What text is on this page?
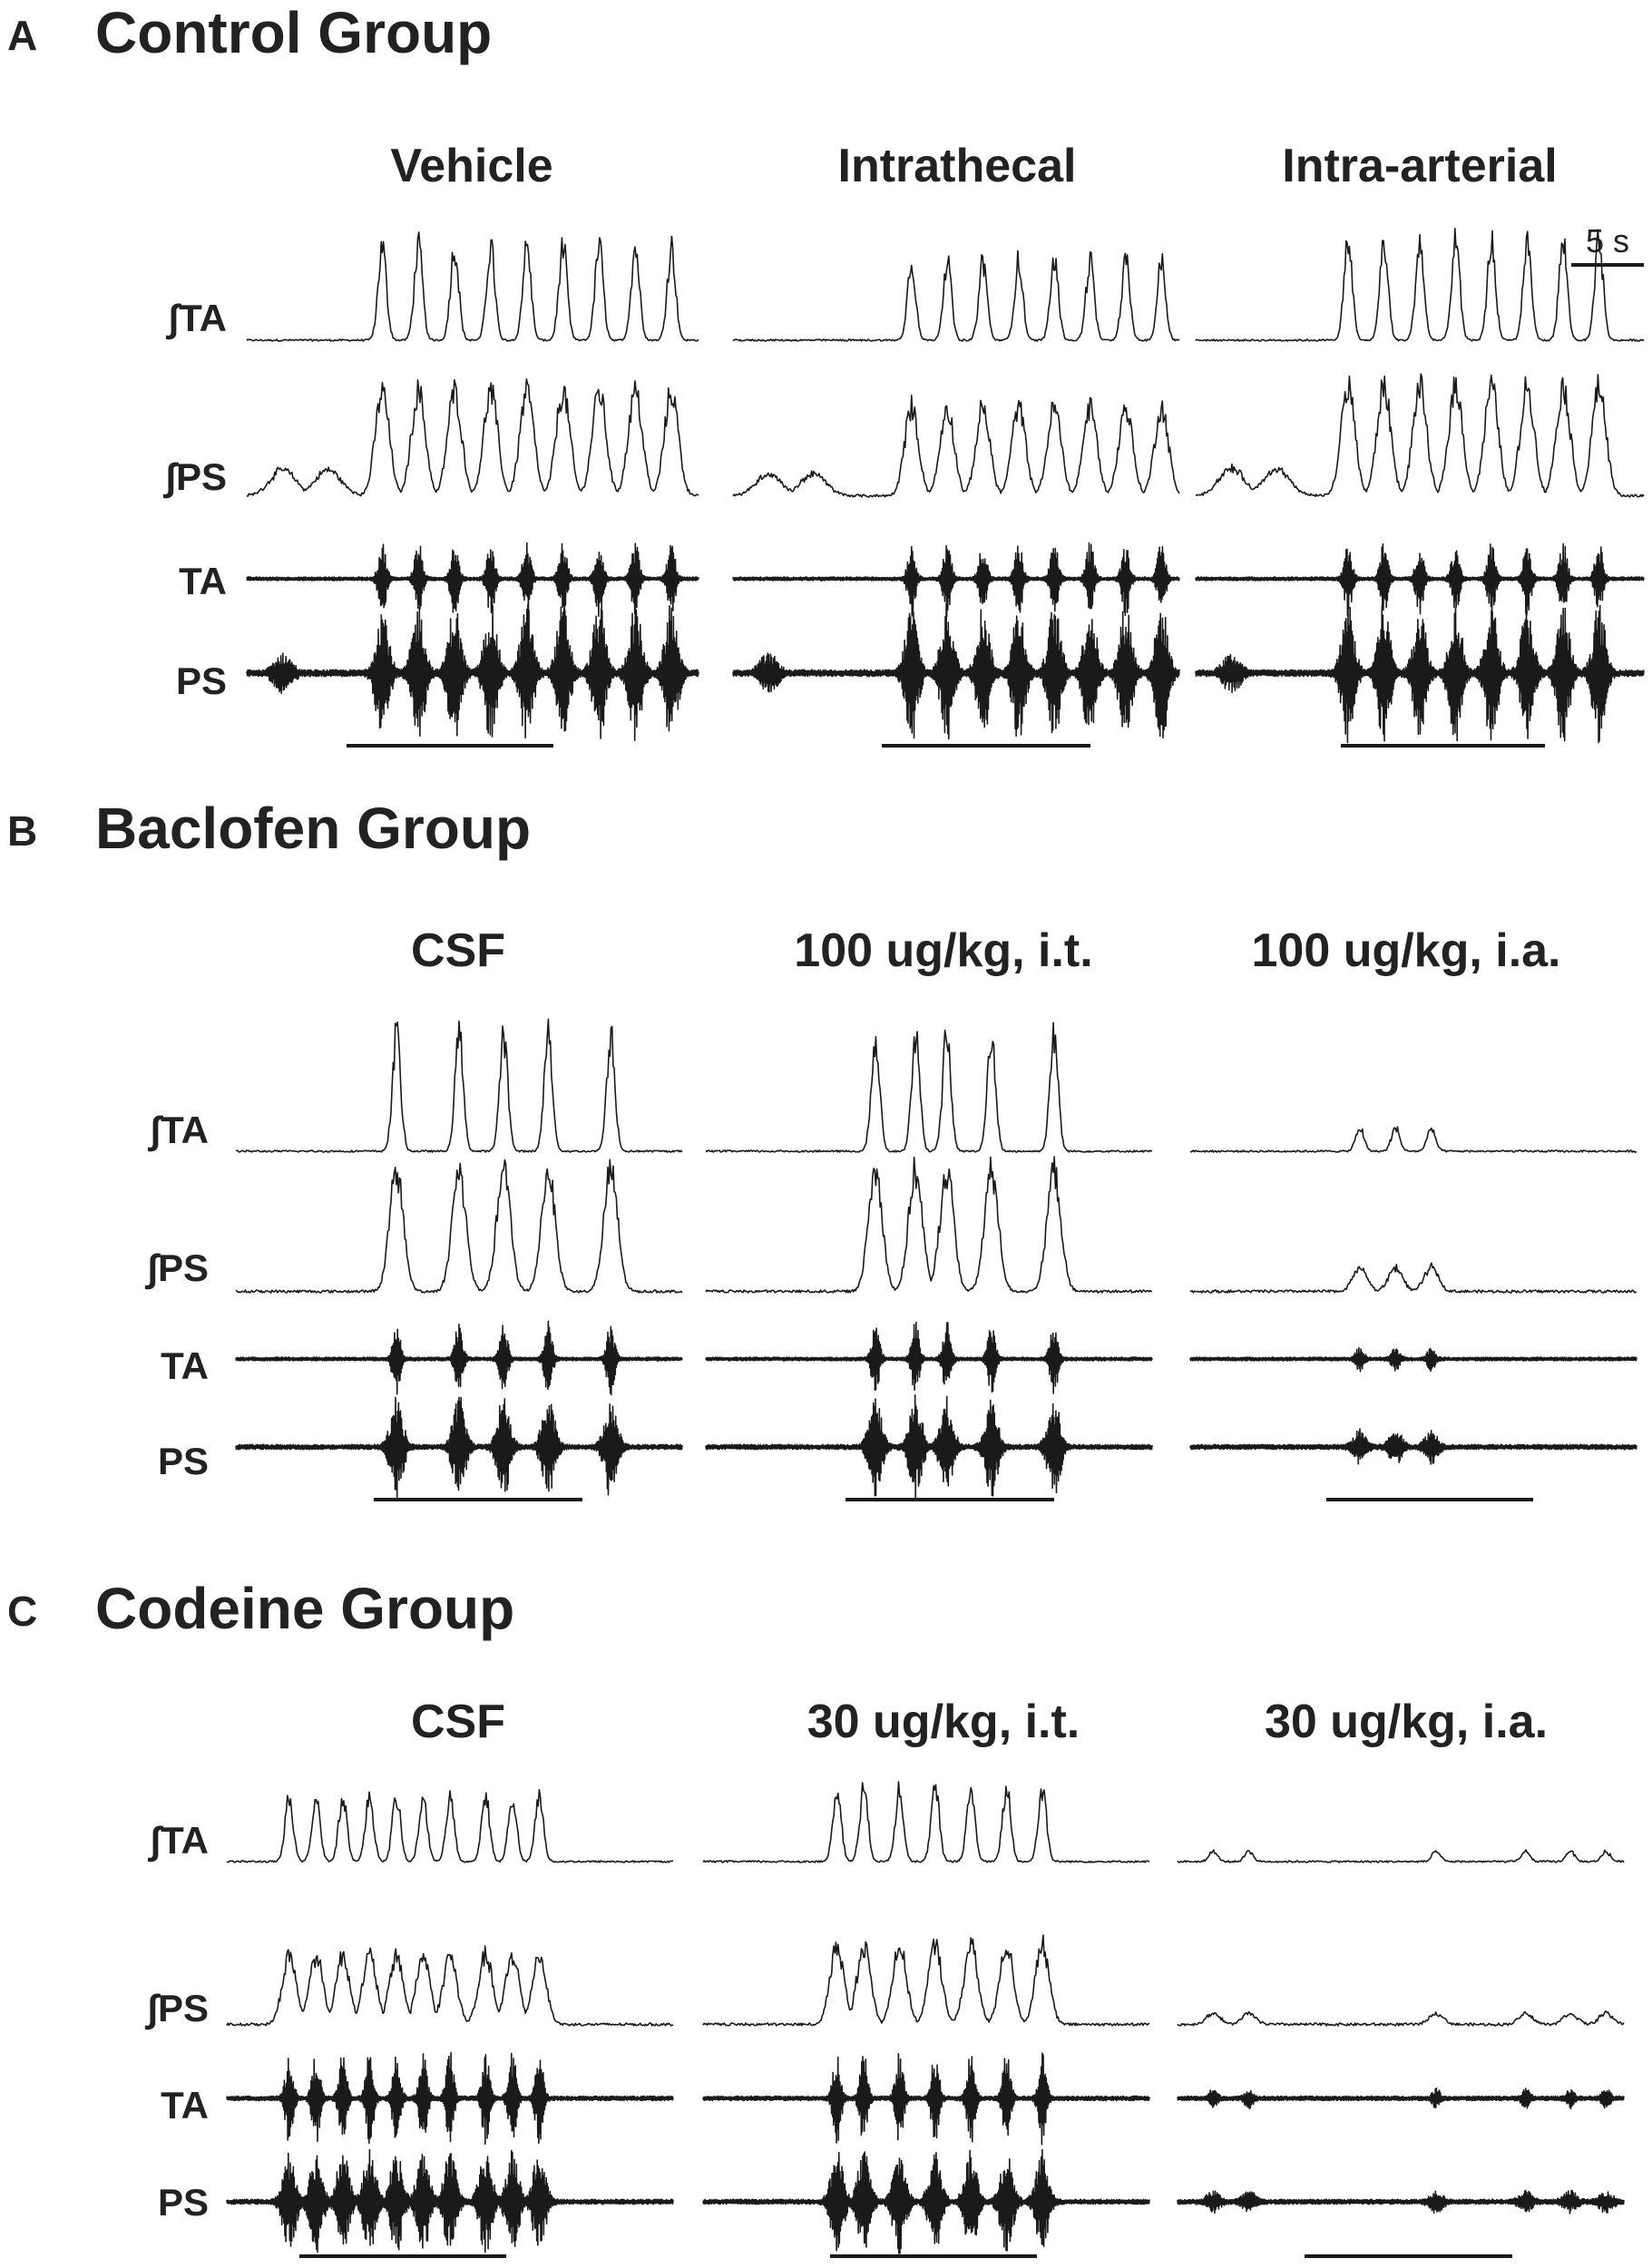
A Control Group
Vehicle	Intrathecal	Intra-arterial
∫TA
∫PS
TA
PS
5 s
B Baclofen Group
CSF	100 ug/kg, i.t.	100 ug/kg, i.a.
∫TA
∫PS
TA
PS
C Codeine Group
CSF	30 ug/kg, i.t.	30 ug/kg, i.a.
∫TA
∫PS
TA
PS
